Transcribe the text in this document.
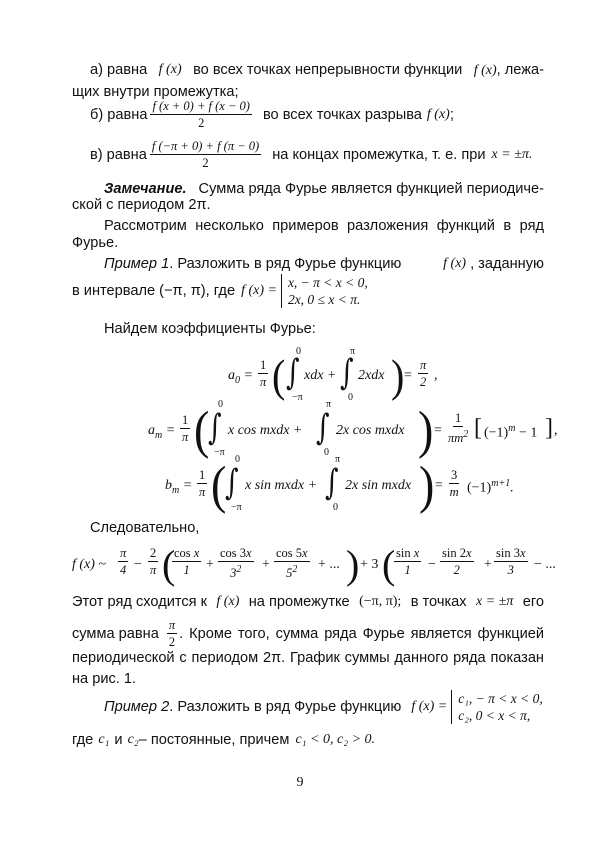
а) равна f (x) во всех точках непрерывности функции f (x), лежа-
щих внутри промежутка;
б) равна $\frac{f (x + 0) + f (x - 0)}{2}$ во всех точках разрыва f (x) ;
в) равна $\frac{f (-\pi + 0) + f (\pi - 0)}{2}$ на концах промежутка, т. е. при x = ±π.
Замечание. Сумма ряда Фурье является функцией периодиче-
ской с периодом 2π.
Рассмотрим несколько примеров разложения функций в ряд
Фурье.
Пример 1 . Разложить в ряд Фурье функцию	f (x) , заданную
в интервале (−π, π), где f (x) =
x, − π < x < 0,
2x, 0 ≤ x < π.
Найдем коэффициенты Фурье:
$a_0 = \frac{1}{\pi}$ ( ∫
0
−π
xdx + ∫
π
0
2xdx ) = $\frac{\pi}{2}$ ,
$a_m = \frac{1}{\pi}$ (
∫
0
−π
x cos mxdx + ∫
π
0
2x cos mxdx ) = $\frac{1}{\pi m^2}$ [ $(-1)^m - 1$ ] ,
$b_m = \frac{1}{\pi}$ (
∫
0
−π
x sin mxdx + ∫
π
0
2x sin mxdx ) = $\frac{3}{m} (-1)^{m+1}$.
Следовательно,
f (x) ~ $\frac{\pi}{4} - \frac{2}{\pi}$ (
$\frac{\text{cos x}}{1} + \frac{\cos 3x}{3^2} + \frac{\cos 5x}{5^2}$ + ... ) + 3 (
$\frac{\text{sin x}}{1} - \frac{\sin 2x}{2} + \frac{\sin 3x}{3}$ − ...
Этот ряд сходится к f (x) на промежутке (−π, π); в точках x = ±π его
сумма равна $\frac{\pi}{2}$ . Кроме того, сумма ряда Фурье является функцией
периодической с периодом 2π. График суммы данного ряда показан
на рис. 1.
Пример 2 . Разложить в ряд Фурье функцию f (x) =
c₁, − π < x < 0,
c₂, 0 < x < π,
где c₁ и c₂ – постоянные, причем c₁ < 0, c₂ > 0.
9
